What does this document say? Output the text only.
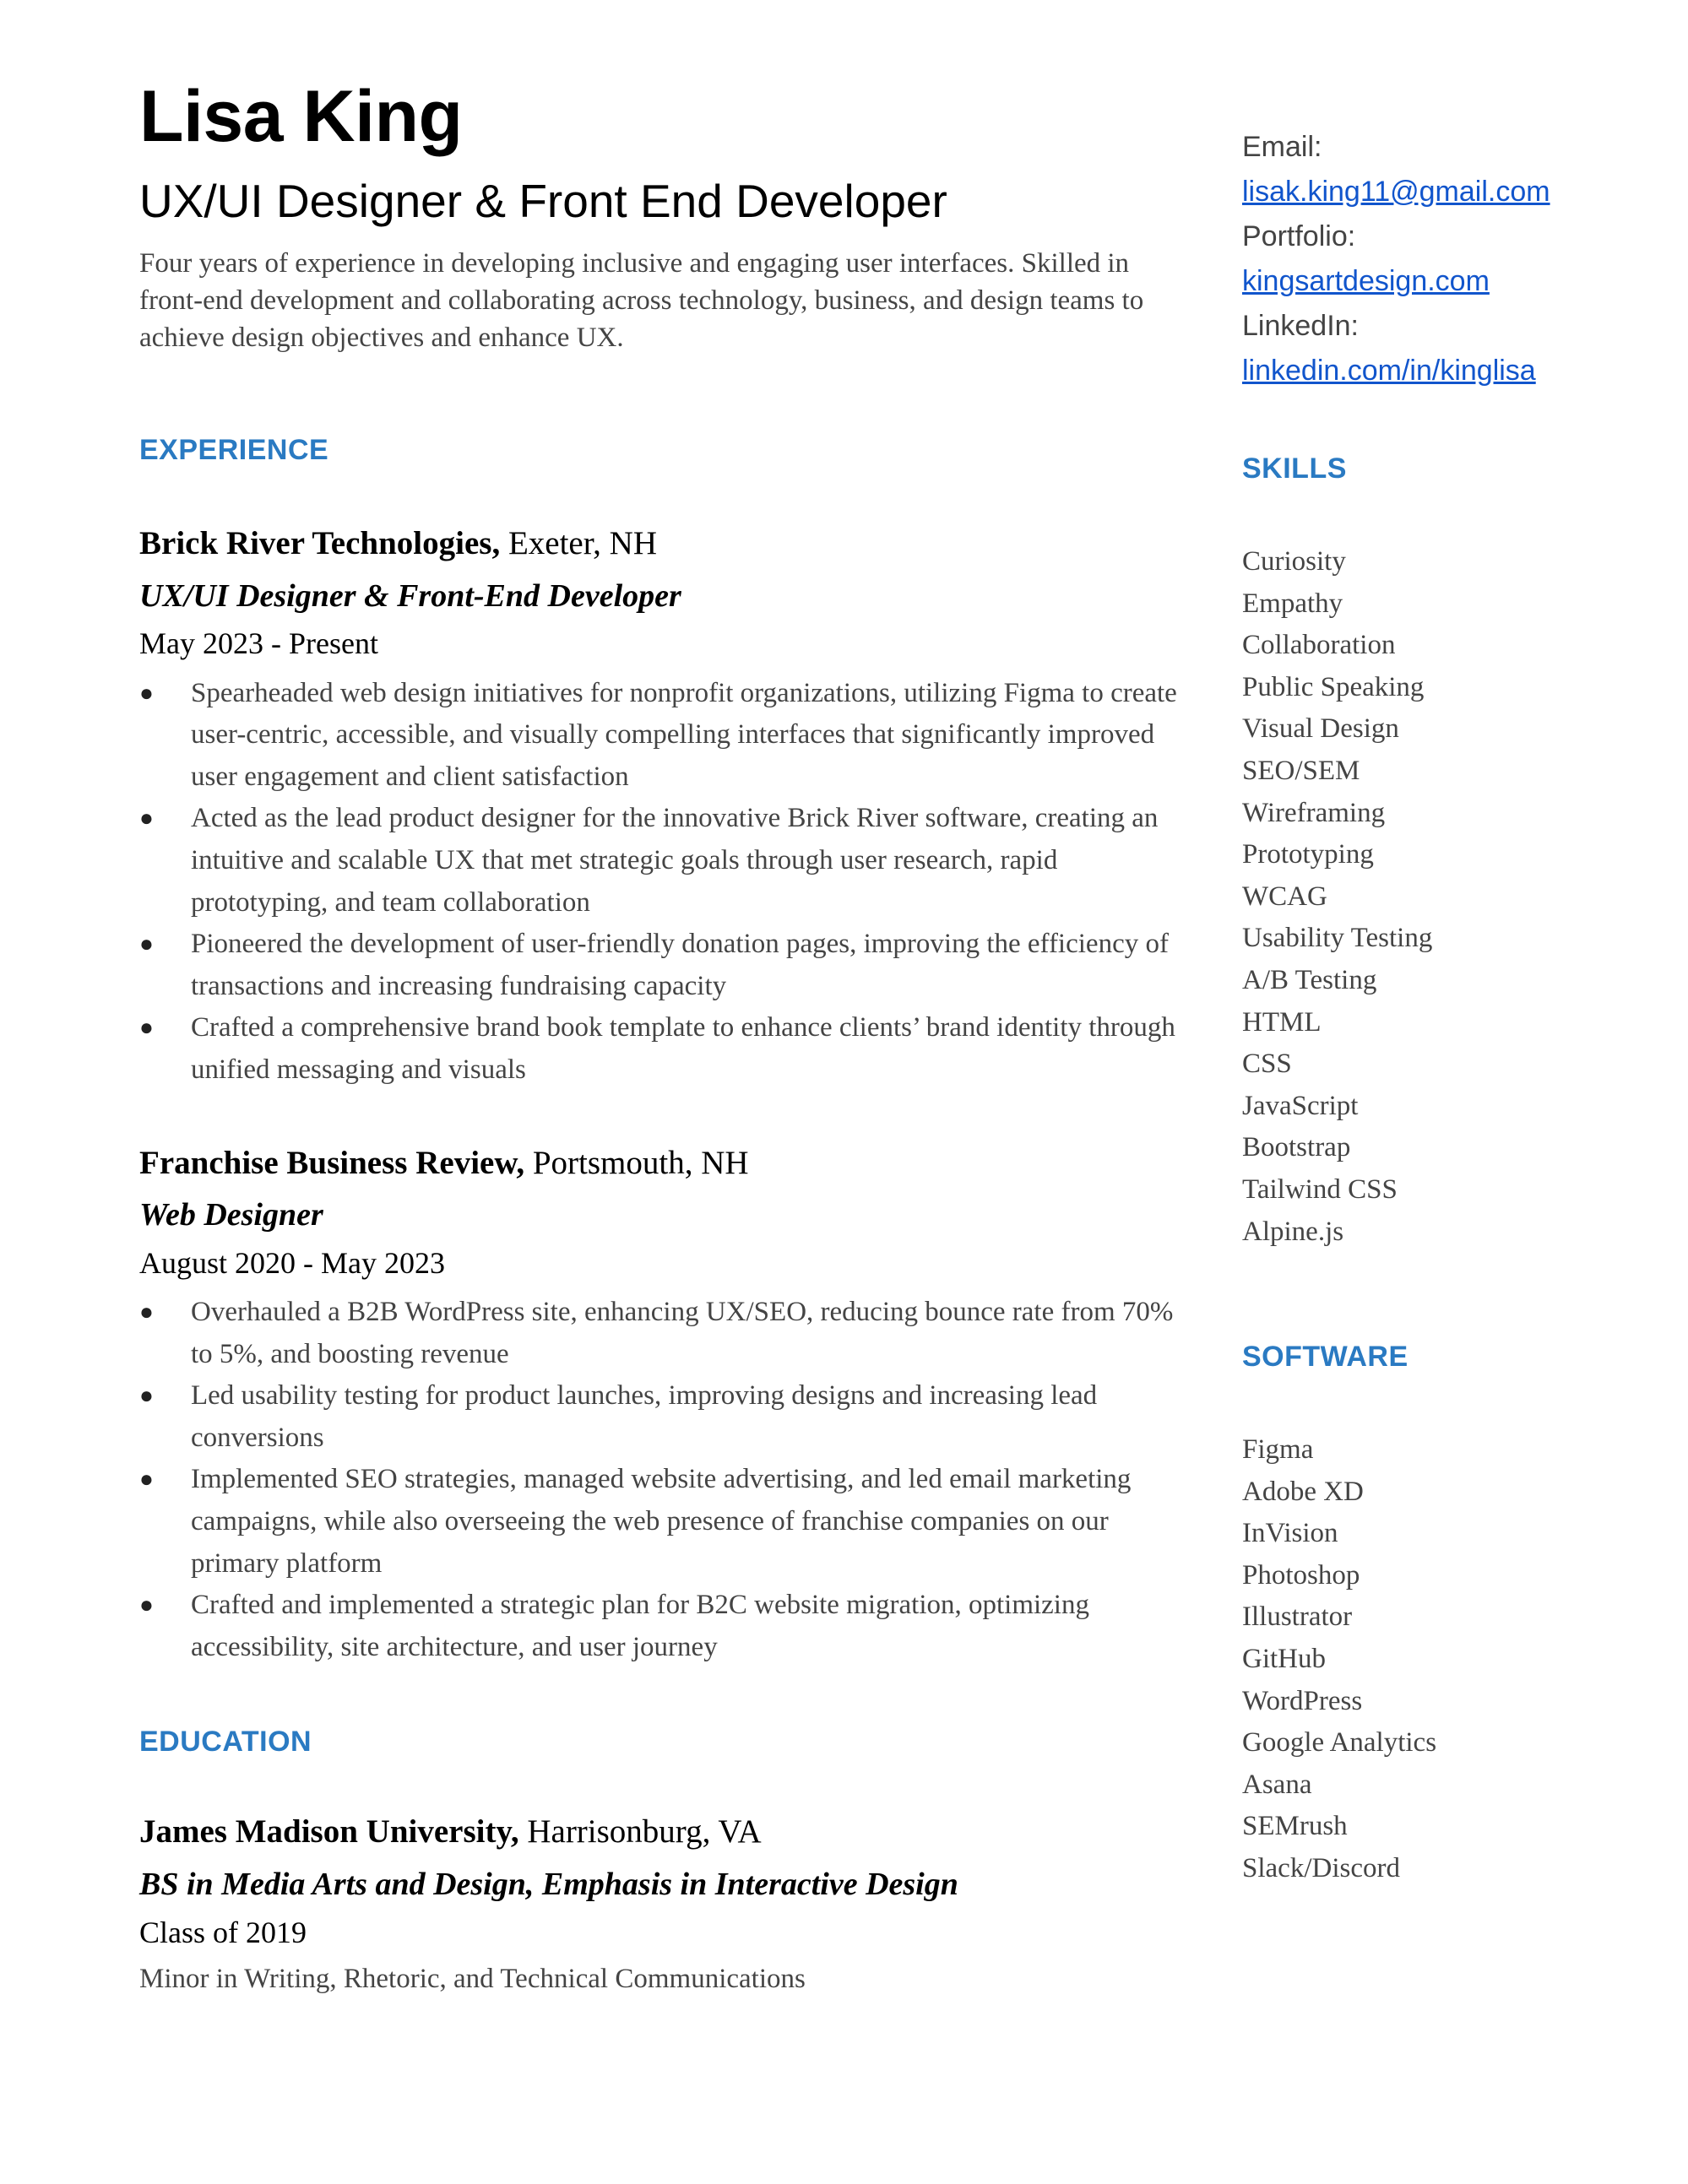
Lisa King
UX/UI Designer & Front End Developer

Four years of experience in developing inclusive and engaging user interfaces. Skilled in front-end development and collaborating across technology, business, and design teams to achieve design objectives and enhance UX.

EXPERIENCE
Brick River Technologies, Exeter, NH
UX/UI Designer & Front-End Developer
May 2023 - Present
● Spearheaded web design initiatives for nonprofit organizations, utilizing Figma to create user-centric, accessible, and visually compelling interfaces that significantly improved user engagement and client satisfaction
● Acted as the lead product designer for the innovative Brick River software, creating an intuitive and scalable UX that met strategic goals through user research, rapid prototyping, and team collaboration
● Pioneered the development of user-friendly donation pages, improving the efficiency of transactions and increasing fundraising capacity
● Crafted a comprehensive brand book template to enhance clients’ brand identity through unified messaging and visuals
Franchise Business Review, Portsmouth, NH
Web Designer
August 2020 - May 2023
● Overhauled a B2B WordPress site, enhancing UX/SEO, reducing bounce rate from 70% to 5%, and boosting revenue
● Led usability testing for product launches, improving designs and increasing lead conversions
● Implemented SEO strategies, managed website advertising, and led email marketing campaigns, while also overseeing the web presence of franchise companies on our primary platform
● Crafted and implemented a strategic plan for B2C website migration, optimizing accessibility, site architecture, and user journey
EDUCATION
James Madison University, Harrisonburg, VA
BS in Media Arts and Design, Emphasis in Interactive Design
Class of 2019
Minor in Writing, Rhetoric, and Technical Communications
Email:
lisak.king11@gmail.com
Portfolio:
kingsartdesign.com
LinkedIn:
linkedin.com/in/kinglisa
SKILLS
Curiosity
Empathy
Collaboration
Public Speaking
Visual Design
SEO/SEM
Wireframing
Prototyping
WCAG
Usability Testing
A/B Testing
HTML
CSS
JavaScript
Bootstrap
Tailwind CSS
Alpine.js
SOFTWARE
Figma
Adobe XD
InVision
Photoshop
Illustrator
GitHub
WordPress
Google Analytics
Asana
SEMrush
Slack/Discord
